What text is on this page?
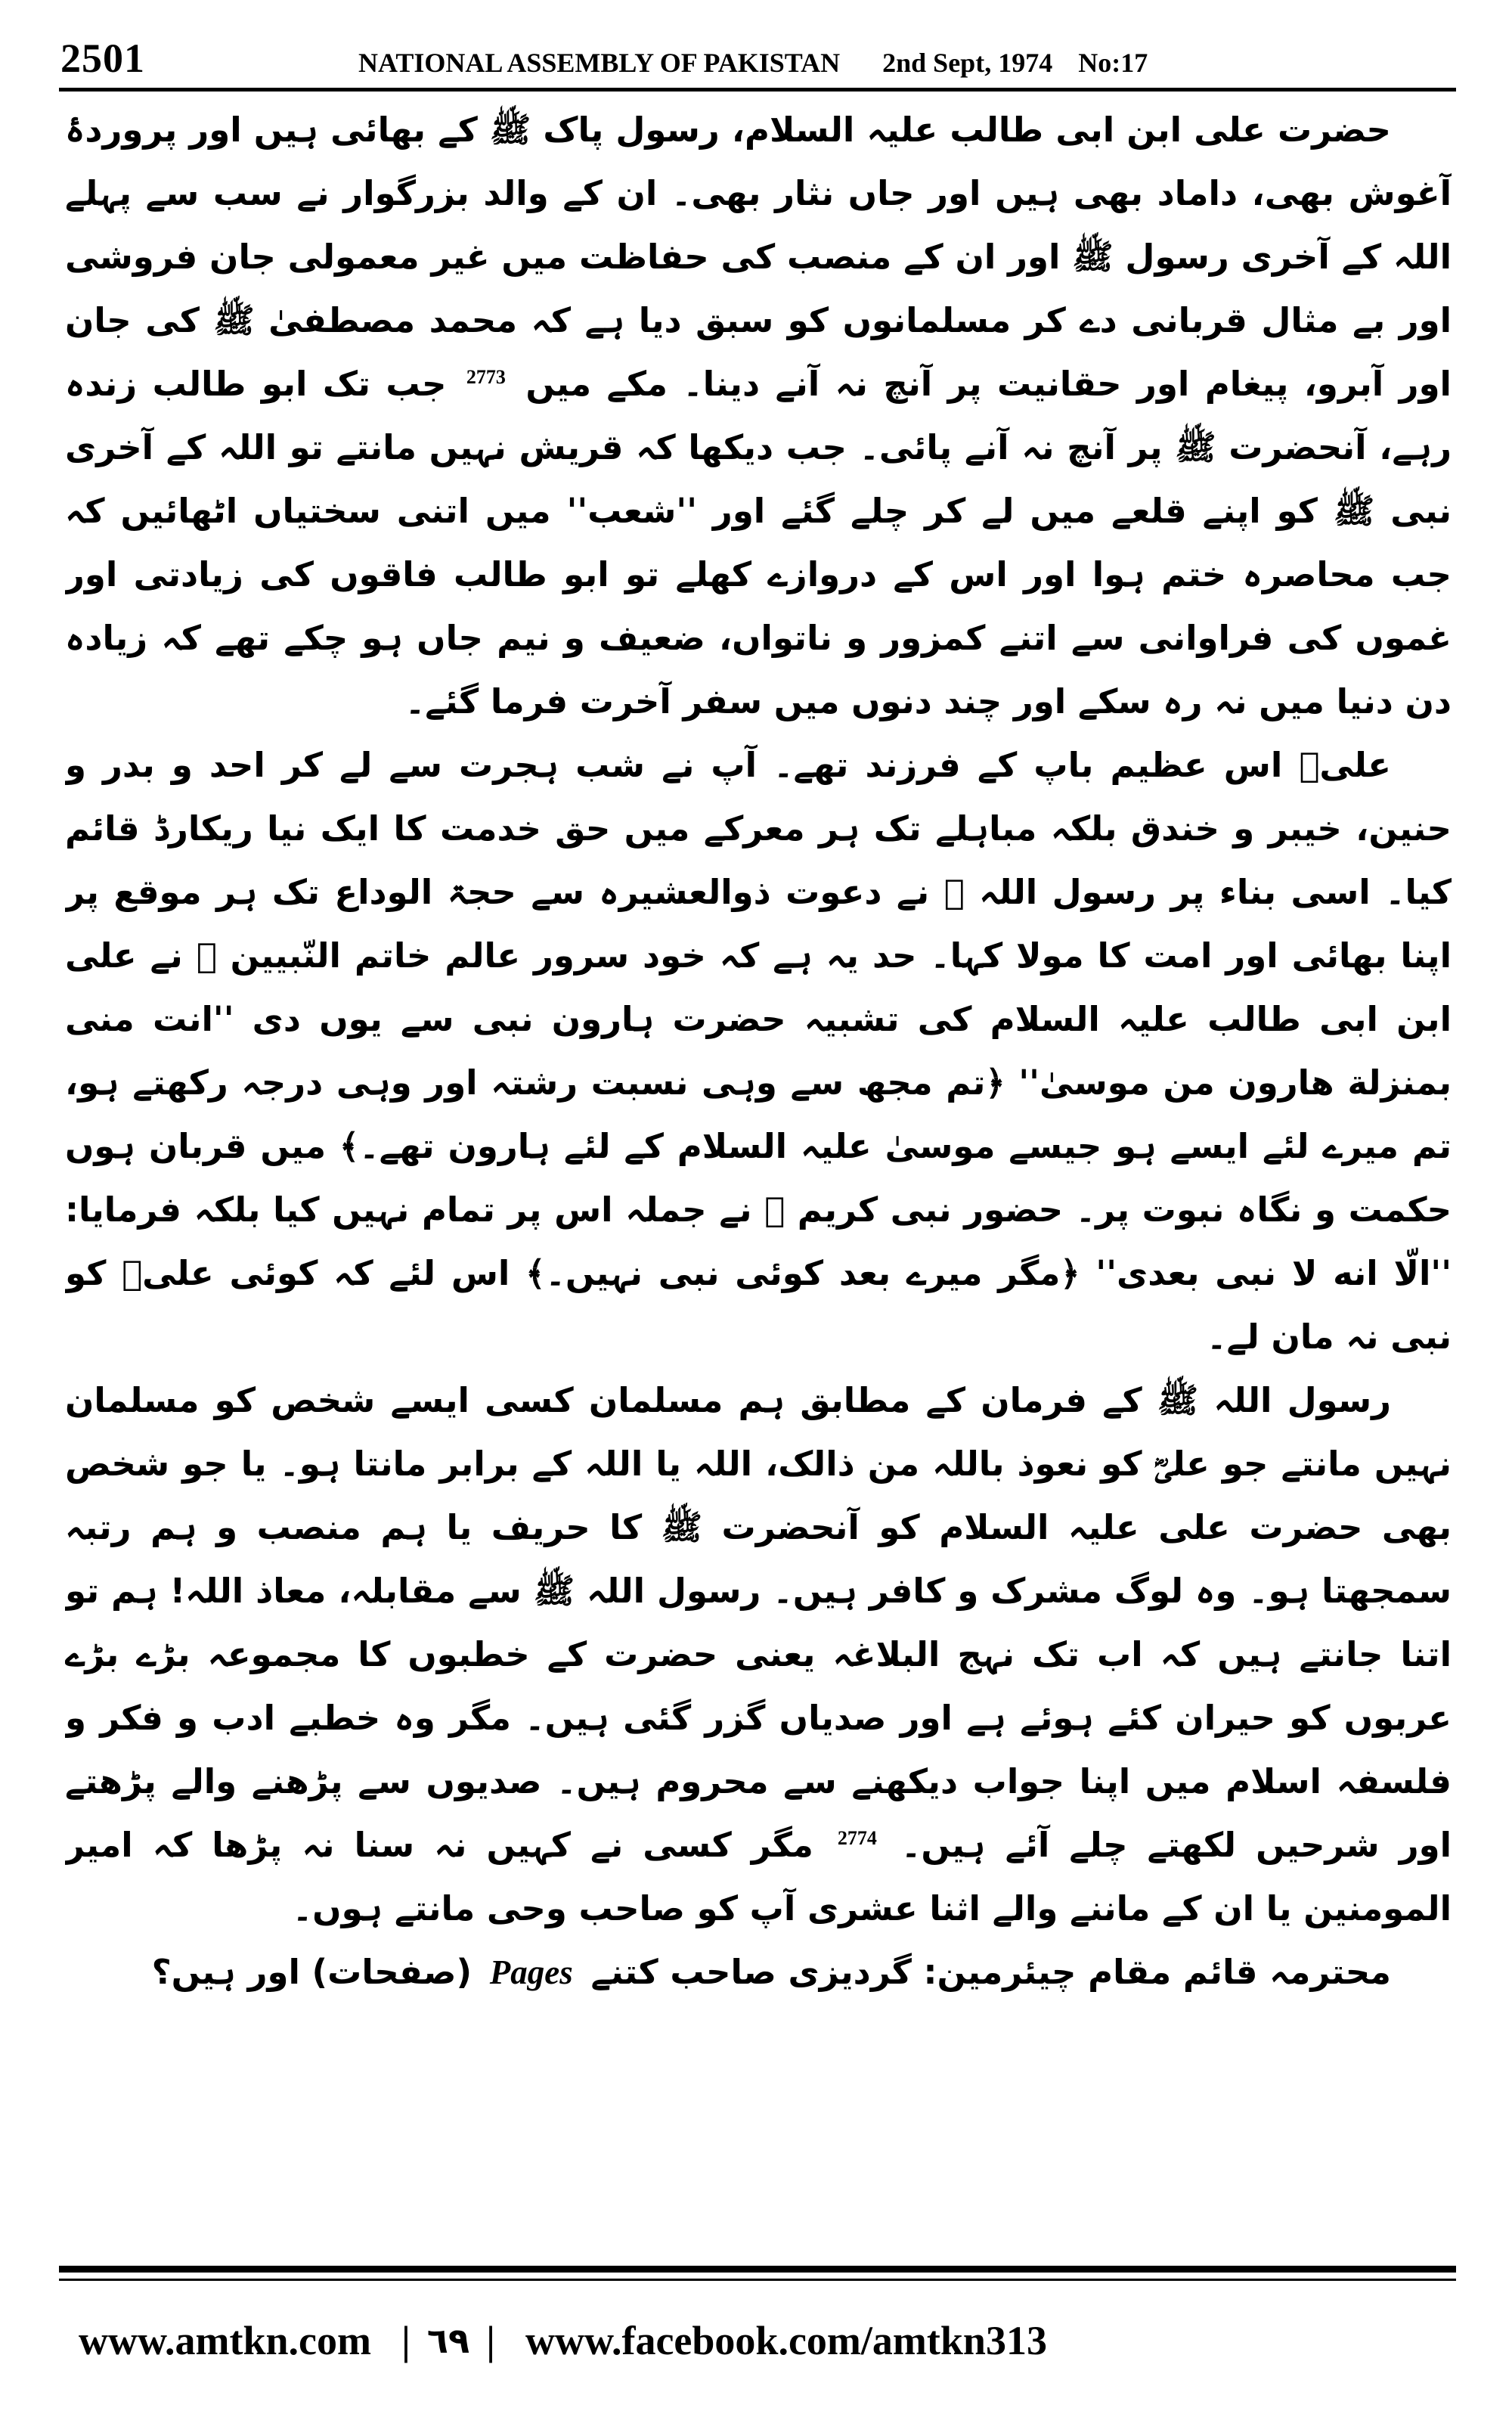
2501	NATIONAL ASSEMBLY OF PAKISTAN 2nd Sept, 1974 No:17

حضرت علی ابن ابی طالب علیہ السلام، رسول پاک ﷺ کے بھائی ہیں اور پروردۂ آغوش بھی، داماد بھی ہیں اور جاں نثار بھی۔ ان کے والد بزرگوار نے سب سے پہلے اللہ کے آخری رسول ﷺ اور ان کے منصب کی حفاظت میں غیر معمولی جان فروشی اور بے مثال قربانی دے کر مسلمانوں کو سبق دیا ہے کہ محمد مصطفیٰ ﷺ کی جان اور آبرو، پیغام اور حقانیت پر آنچ نہ آنے دینا۔ مکے میں $^{2773}$ جب تک ابو طالب زندہ رہے، آنحضرت ﷺ پر آنچ نہ آنے پائی۔ جب دیکھا کہ قریش نہیں مانتے تو اللہ کے آخری نبی ﷺ کو اپنے قلعے میں لے کر چلے گئے اور ''شعب'' میں اتنی سختیاں اٹھائیں کہ جب محاصرہ ختم ہوا اور اس کے دروازے کھلے تو ابو طالب فاقوں کی زیادتی اور غموں کی فراوانی سے اتنے کمزور و ناتواں، ضعیف و نیم جاں ہو چکے تھے کہ زیادہ دن دنیا میں نہ رہ سکے اور چند دنوں میں سفر آخرت فرما گئے۔

علیؓ اس عظیم باپ کے فرزند تھے۔ آپ نے شب ہجرت سے لے کر احد و بدر و حنین، خیبر و خندق بلکہ مباہلے تک ہر معرکے میں حق خدمت کا ایک نیا ریکارڈ قائم کیا۔ اسی بناء پر رسول اللہ ﷺ نے دعوت ذوالعشیرہ سے حجۃ الوداع تک ہر موقع پر اپنا بھائی اور امت کا مولا کہا۔ حد یہ ہے کہ خود سرور عالم خاتم النّبیین ﷺ نے علی ابن ابی طالب علیہ السلام کی تشبیہ حضرت ہارون نبی سے یوں دی ''انت منی بمنزلة هارون من موسیٰ'' ﴿تم مجھ سے وہی نسبت رشتہ اور وہی درجہ رکھتے ہو، تم میرے لئے ایسے ہو جیسے موسیٰ علیہ السلام کے لئے ہارون تھے۔﴾ میں قربان ہوں حکمت و نگاہ نبوت پر۔ حضور نبی کریم ﷺ نے جملہ اس پر تمام نہیں کیا بلکہ فرمایا: ''الّا انه لا نبی بعدی'' ﴿مگر میرے بعد کوئی نبی نہیں۔﴾ اس لئے کہ کوئی علیؓ کو نبی نہ مان لے۔

رسول اللہ ﷺ کے فرمان کے مطابق ہم مسلمان کسی ایسے شخص کو مسلمان نہیں مانتے جو علیؓ کو نعوذ باللہ من ذالک، اللہ یا اللہ کے برابر مانتا ہو۔ یا جو شخص بھی حضرت علی علیہ السلام کو آنحضرت ﷺ کا حریف یا ہم منصب و ہم رتبہ سمجھتا ہو۔ وہ لوگ مشرک و کافر ہیں۔ رسول اللہ ﷺ سے مقابلہ، معاذ اللہ! ہم تو اتنا جانتے ہیں کہ اب تک نہج البلاغہ یعنی حضرت کے خطبوں کا مجموعہ بڑے بڑے عربوں کو حیران کئے ہوئے ہے اور صدیاں گزر گئی ہیں۔ مگر وہ خطبے ادب و فکر و فلسفہ اسلام میں اپنا جواب دیکھنے سے محروم ہیں۔ صدیوں سے پڑھنے والے پڑھتے اور شرحیں لکھتے چلے آئے ہیں۔ $^{2774}$ مگر کسی نے کہیں نہ سنا نہ پڑھا کہ امیر المومنین یا ان کے ماننے والے اثنا عشری آپ کو صاحب وحی مانتے ہوں۔

محترمہ قائم مقام چیئرمین: گردیزی صاحب کتنے Pages (صفحات) اور ہیں؟

www.amtkn.com | ٦٩ | www.facebook.com/amtkn313
